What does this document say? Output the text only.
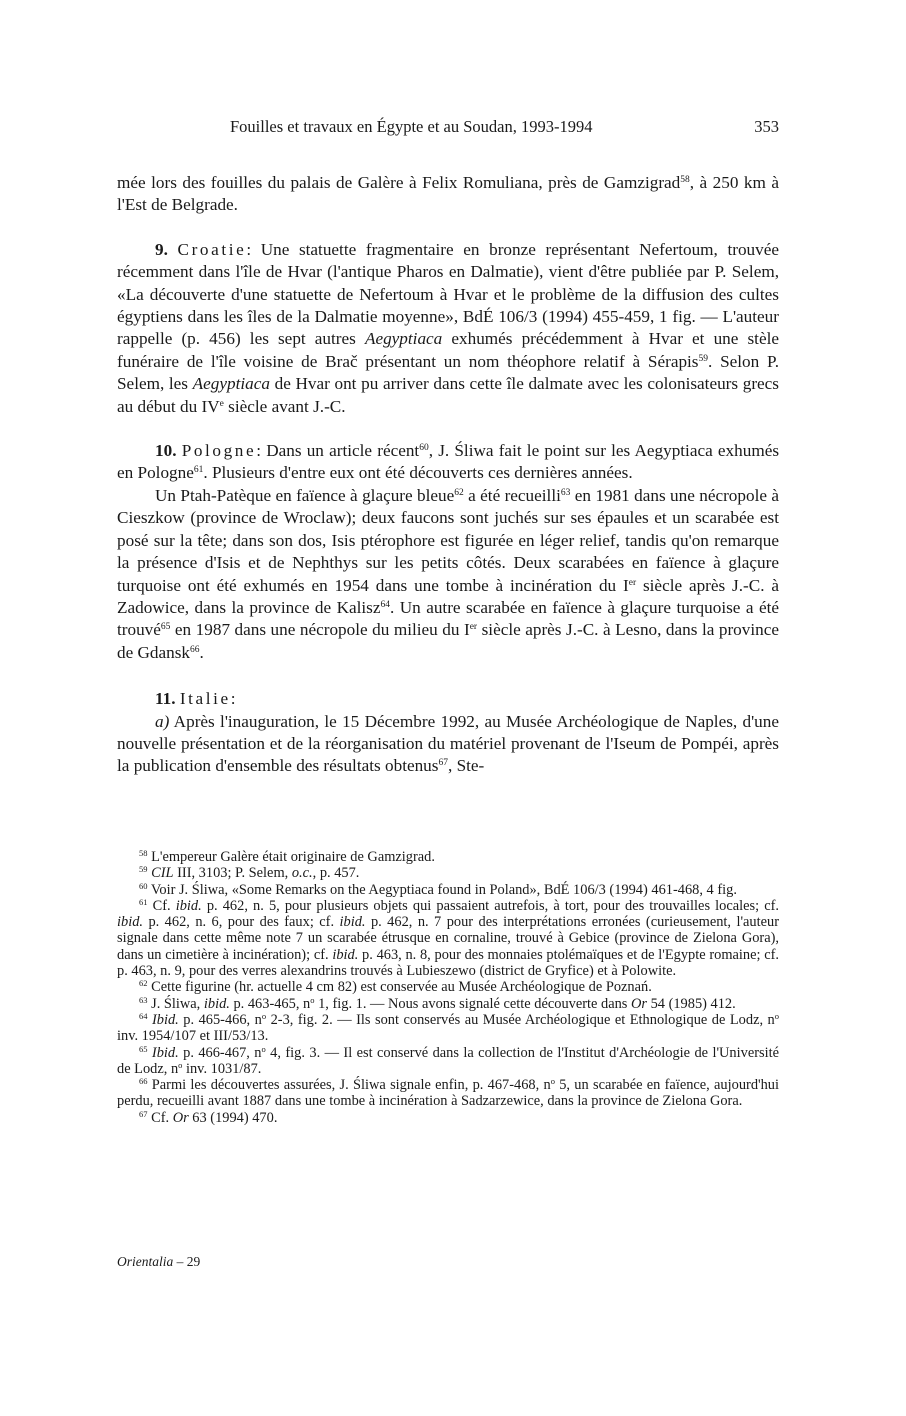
Fouilles et travaux en Égypte et au Soudan, 1993-1994	353

mée lors des fouilles du palais de Galère à Felix Romuliana, près de Gamzigrad$^{58}$, à 250 km à l'Est de Belgrade.

9. Croatie: Une statuette fragmentaire en bronze représentant Nefertoum, trouvée récemment dans l'île de Hvar (l'antique Pharos en Dalmatie), vient d'être publiée par P. Selem, «La découverte d'une statuette de Nefertoum à Hvar et le problème de la diffusion des cultes égyptiens dans les îles de la Dalmatie moyenne», BdÉ 106/3 (1994) 455-459, 1 fig. — L'auteur rappelle (p. 456) les sept autres Aegyptiaca exhumés précédemment à Hvar et une stèle funéraire de l'île voisine de Brač présentant un nom théophore relatif à Sérapis$^{59}$. Selon P. Selem, les Aegyptiaca de Hvar ont pu arriver dans cette île dalmate avec les colonisateurs grecs au début du IVe siècle avant J.-C.

10. Pologne: Dans un article récent$^{60}$, J. Śliwa fait le point sur les Aegyptiaca exhumés en Pologne$^{61}$. Plusieurs d'entre eux ont été découverts ces dernières années.

Un Ptah-Patèque en faïence à glaçure bleue$^{62}$ a été recueilli$^{63}$ en 1981 dans une nécropole à Cieszkow (province de Wroclaw); deux faucons sont juchés sur ses épaules et un scarabée est posé sur la tête; dans son dos, Isis ptérophore est figurée en léger relief, tandis qu'on remarque la présence d'Isis et de Nephthys sur les petits côtés. Deux scarabées en faïence à glaçure turquoise ont été exhumés en 1954 dans une tombe à incinération du Ier siècle après J.-C. à Zadowice, dans la province de Kalisz$^{64}$. Un autre scarabée en faïence à glaçure turquoise a été trouvé$^{65}$ en 1987 dans une nécropole du milieu du Ier siècle après J.-C. à Lesno, dans la province de Gdansk$^{66}$.

11. Italie:

a) Après l'inauguration, le 15 Décembre 1992, au Musée Archéologique de Naples, d'une nouvelle présentation et de la réorganisation du matériel provenant de l'Iseum de Pompéi, après la publication d'ensemble des résultats obtenus$^{67}$, Ste-

$^{58}$ L'empereur Galère était originaire de Gamzigrad.

$^{59}$ CIL III, 3103; P. Selem, o.c., p. 457.

$^{60}$ Voir J. Śliwa, «Some Remarks on the Aegyptiaca found in Poland», BdÉ 106/3 (1994) 461-468, 4 fig.

$^{61}$ Cf. ibid. p. 462, n. 5, pour plusieurs objets qui passaient autrefois, à tort, pour des trouvailles locales; cf. ibid. p. 462, n. 6, pour des faux; cf. ibid. p. 462, n. 7 pour des interprétations erronées (curieusement, l'auteur signale dans cette même note 7 un scarabée étrusque en cornaline, trouvé à Gebice (province de Zielona Gora), dans un cimetière à incinération); cf. ibid. p. 463, n. 8, pour des monnaies ptolémaïques et de l'Egypte romaine; cf. p. 463, n. 9, pour des verres alexandrins trouvés à Lubieszewo (district de Gryfice) et à Polowite.

$^{62}$ Cette figurine (hr. actuelle 4 cm 82) est conservée au Musée Archéologique de Poznań.

$^{63}$ J. Śliwa, ibid. p. 463-465, $n^o$ 1, fig. 1. — Nous avons signalé cette découverte dans Or 54 (1985) 412.

$^{64}$ Ibid. p. 465-466, $n^o$ 2-3, fig. 2. — Ils sont conservés au Musée Archéologique et Ethnologique de Lodz, $n^o$ inv. 1954/107 et III/53/13.

$^{65}$ Ibid. p. 466-467, $n^o$ 4, fig. 3. — Il est conservé dans la collection de l'Institut d'Archéologie de l'Université de Lodz, $n^o$ inv. 1031/87.

$^{66}$ Parmi les découvertes assurées, J. Śliwa signale enfin, p. 467-468, $n^o$ 5, un scarabée en faïence, aujourd'hui perdu, recueilli avant 1887 dans une tombe à incinération à Sadzarzewice, dans la province de Zielona Gora.

$^{67}$ Cf. Or 63 (1994) 470.

Orientalia – 29
